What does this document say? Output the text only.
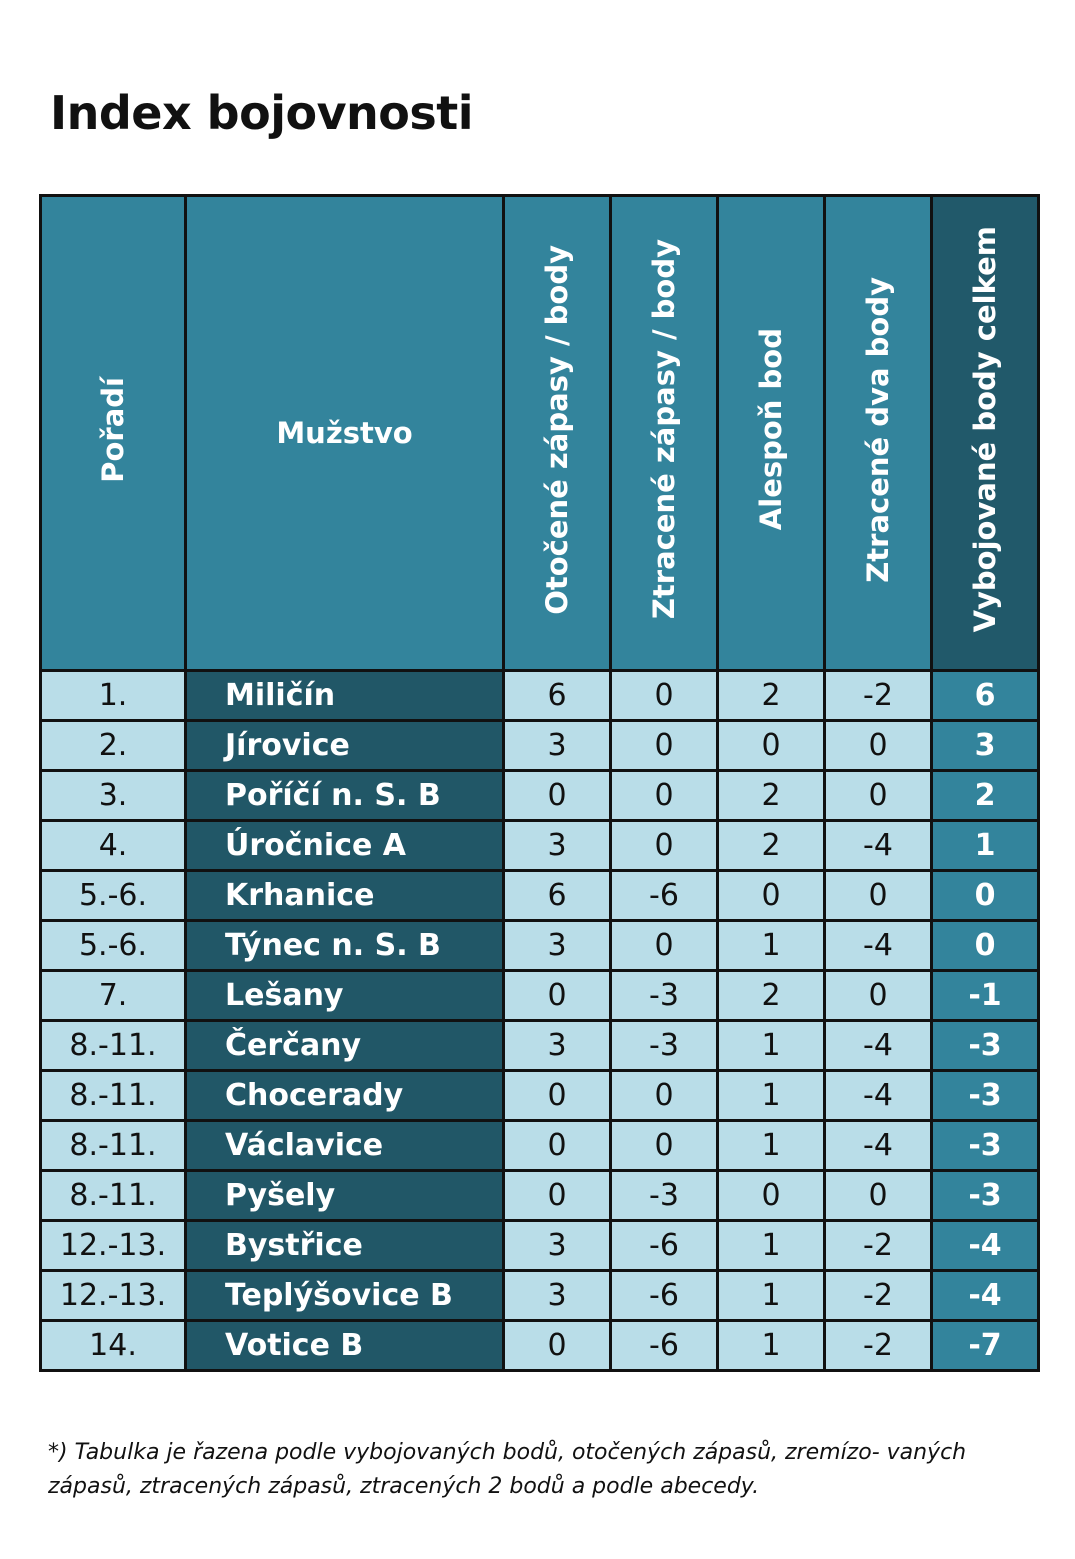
Index bojovnosti
Pořadí	Mužstvo	Otočené zápasy / body	Ztracené zápasy / body	Alespoň bod	Ztracené dva body	Vybojované body celkem
1.	Miličín	6	0	2	-2	6
2.	Jírovice	3	0	0	0	3
3.	Poříčí n. S. B	0	0	2	0	2
4.	Úročnice A	3	0	2	-4	1
5.-6.	Krhanice	6	-6	0	0	0
5.-6.	Týnec n. S. B	3	0	1	-4	0
7.	Lešany	0	-3	2	0	-1
8.-11.	Čerčany	3	-3	1	-4	-3
8.-11.	Chocerady	0	0	1	-4	-3
8.-11.	Václavice	0	0	1	-4	-3
8.-11.	Pyšely	0	-3	0	0	-3
12.-13.	Bystřice	3	-6	1	-2	-4
12.-13.	Teplýšovice B	3	-6	1	-2	-4
14.	Votice B	0	-6	1	-2	-7

*) Tabulka je řazena podle vybojovaných bodů, otočených zápasů, zremízo- vaných zápasů, ztracených zápasů, ztracených 2 bodů a podle abecedy.
